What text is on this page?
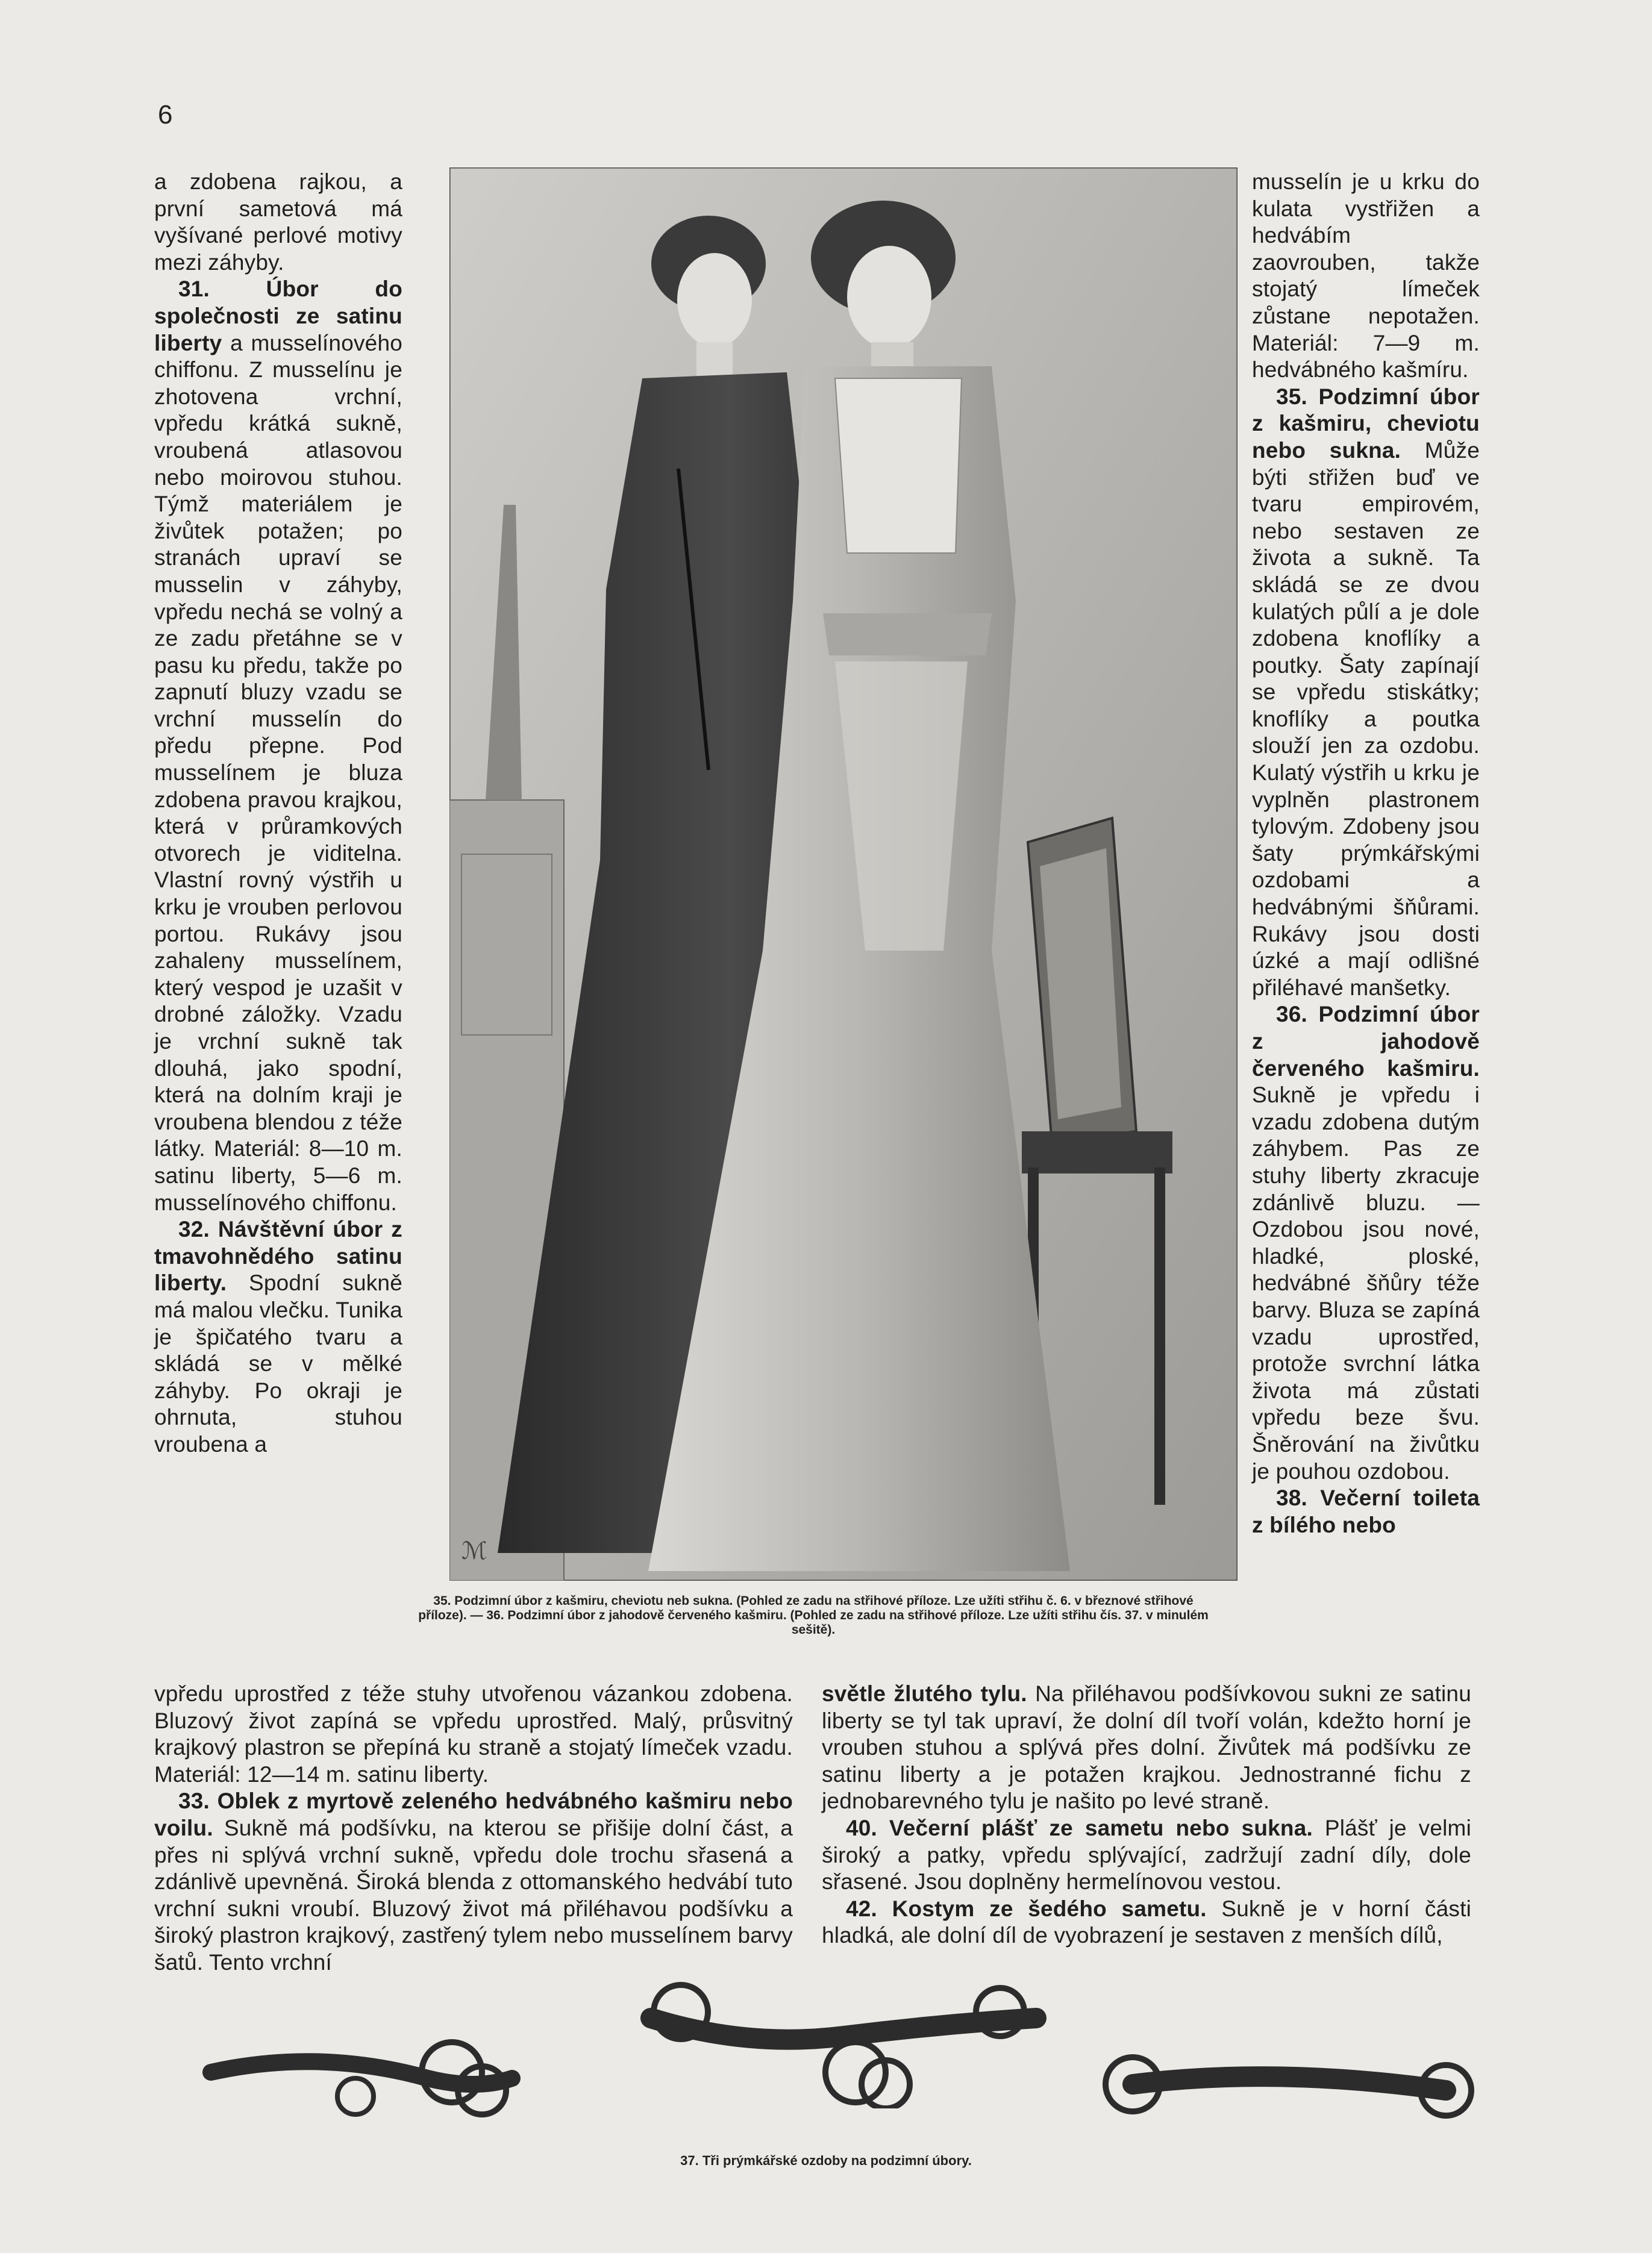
6

a zdobena rajkou, a první sametová má vyšívané perlové motivy mezi záhyby.

31. Úbor do společnosti ze satinu liberty a musselínového chiffonu. Z musselínu je zhotovena vrchní, vpředu krátká sukně, vroubená atlasovou nebo moirovou stuhou. Týmž materiálem je živůtek potažen; po stranách upraví se musselin v záhyby, vpředu nechá se volný a ze zadu přetáhne se v pasu ku předu, takže po zapnutí bluzy vzadu se vrchní musselín do předu přepne. Pod musselínem je bluza zdobena pravou krajkou, která v průramkových otvorech je viditelna. Vlastní rovný výstřih u krku je vrouben perlovou portou. Rukávy jsou zahaleny musselínem, který vespod je uzašit v drobné záložky. Vzadu je vrchní sukně tak dlouhá, jako spodní, která na dolním kraji je vroubena blendou z téže látky. Materiál: 8—10 m. satinu liberty, 5—6 m. musselínového chiffonu.

32. Návštěvní úbor z tmavohnědého satinu liberty. Spodní sukně má malou vlečku. Tunika je špičatého tvaru a skládá se v mělké záhyby. Po okraji je ohrnuta, stuhou vroubena a

musselín je u krku do kulata vystřižen a hedvábím zaovrouben, takže stojatý límeček zůstane nepotažen. Materiál: 7—9 m. hedvábného kašmíru.

35. Podzimní úbor z kašmiru, cheviotu nebo sukna. Může býti střižen buď ve tvaru empirovém, nebo sestaven ze života a sukně. Ta skládá se ze dvou kulatých půlí a je dole zdobena knoflíky a poutky. Šaty zapínají se vpředu stiskátky; knoflíky a poutka slouží jen za ozdobu. Kulatý výstřih u krku je vyplněn plastronem tylovým. Zdobeny jsou šaty prýmkářskými ozdobami a hedvábnými šňůrami. Rukávy jsou dosti úzké a mají odlišné přiléhavé manšetky.

36. Podzimní úbor z jahodově červeného kašmiru. Sukně je vpředu i vzadu zdobena dutým záhybem. Pas ze stuhy liberty zkracuje zdánlivě bluzu. — Ozdobou jsou nové, hladké, ploské, hedvábné šňůry téže barvy. Bluza se zapíná vzadu uprostřed, protože svrchní látka života má zůstati vpředu beze švu. Šněrování na živůtku je pouhou ozdobou.

38. Večerní toileta z bílého nebo

vpředu uprostřed z téže stuhy utvořenou vázankou zdobena. Bluzový život zapíná se vpředu uprostřed. Malý, průsvitný krajkový plastron se přepíná ku straně a stojatý límeček vzadu. Materiál: 12—14 m. satinu liberty.

33. Oblek z myrtově zeleného hedvábného kašmiru nebo voilu. Sukně má podšívku, na kterou se přišije dolní část, a přes ni splývá vrchní sukně, vpředu dole trochu sřasená a zdánlivě upevněná. Široká blenda z ottomanského hedvábí tuto vrchní sukni vroubí. Bluzový život má přiléhavou podšívku a široký plastron krajkový, zastřený tylem nebo musselínem barvy šatů. Tento vrchní

světle žlutého tylu. Na přiléhavou podšívkovou sukni ze satinu liberty se tyl tak upraví, že dolní díl tvoří volán, kdežto horní je vrouben stuhou a splývá přes dolní. Živůtek má podšívku ze satinu liberty a je potažen krajkou. Jednostranné fichu z jednobarevného tylu je našito po levé straně.

40. Večerní plášť ze sametu nebo sukna. Plášť je velmi široký a patky, vpředu splývající, zadržují zadní díly, dole sřasené. Jsou doplněny hermelínovou vestou.

42. Kostym ze šedého sametu. Sukně je v horní části hladká, ale dolní díl de vyobrazení je sestaven z menších dílů,

ℳ
35. Podzimní úbor z kašmiru, cheviotu neb sukna. (Pohled ze zadu na střihové příloze. Lze užíti střihu č. 6. v březnové střihové příloze). — 36. Podzimní úbor z jahodově červeného kašmiru. (Pohled ze zadu na střihové příloze. Lze užíti střihu čís. 37. v minulém sešitě).
37. Tři prýmkářské ozdoby na podzimní úbory.
